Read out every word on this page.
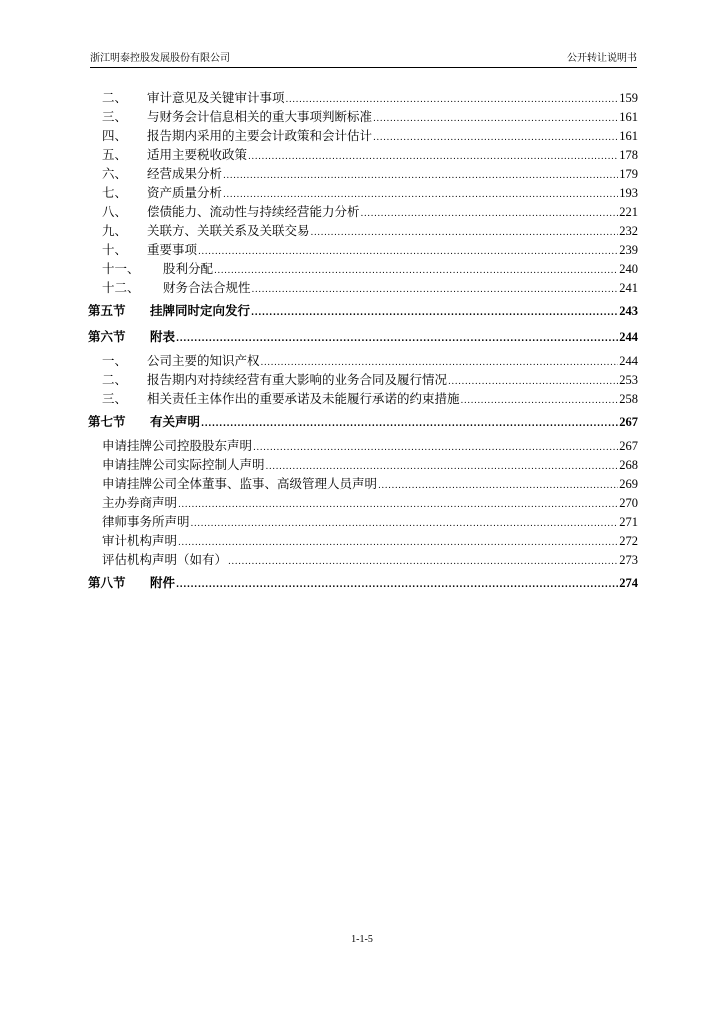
浙江明泰控股发展股份有限公司	公开转让说明书
二、	审计意见及关键审计事项 .....	159
三、	与财务会计信息相关的重大事项判断标准 .....	161
四、	报告期内采用的主要会计政策和会计估计 .....	161
五、	适用主要税收政策 .....	178
六、	经营成果分析 .....	179
七、	资产质量分析 .....	193
八、	偿债能力、流动性与持续经营能力分析 .....	221
九、	关联方、关联关系及关联交易 .....	232
十、	重要事项 .....	239
十一、	股利分配 .....	240
十二、	财务合法合规性 .....	241
第五节	挂牌同时定向发行 .....	243
第六节	附表 .....	244
一、	公司主要的知识产权 .....	244
二、	报告期内对持续经营有重大影响的业务合同及履行情况 .....	253
三、	相关责任主体作出的重要承诺及未能履行承诺的约束措施 .....	258
第七节	有关声明 .....	267
申请挂牌公司控股股东声明 .....	267
申请挂牌公司实际控制人声明 .....	268
申请挂牌公司全体董事、监事、高级管理人员声明 .....	269
主办券商声明 .....	270
律师事务所声明 .....	271
审计机构声明 .....	272
评估机构声明（如有） .....	273
第八节	附件 .....	274
1-1-5
